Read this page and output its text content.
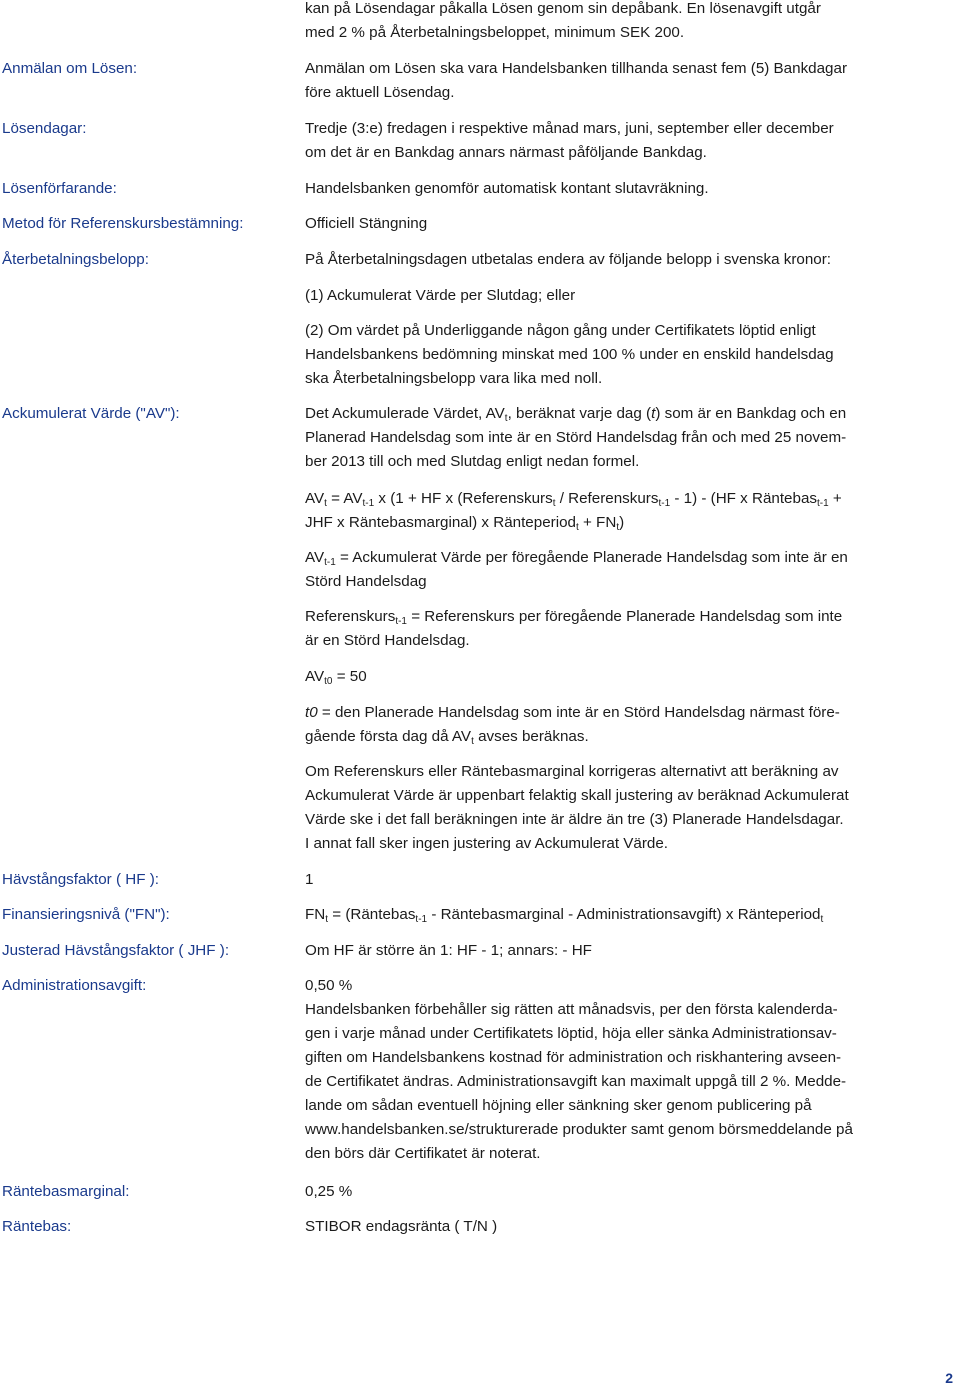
kan på Lösendagar påkalla Lösen genom sin depåbank. En lösenavgift utgår

med 2 % på Återbetalningsbeloppet, minimum SEK 200.

Anmälan om Lösen:	Anmälan om Lösen ska vara Handelsbanken tillhanda senast fem (5) Bankdagar

före aktuell Lösendag.

Lösendagar:	Tredje (3:e) fredagen i respektive månad mars, juni, september eller december

om det är en Bankdag annars närmast påföljande Bankdag.

Lösenförfarande:	Handelsbanken genomför automatisk kontant slutavräkning.
Metod för Referenskursbestämning:	Officiell Stängning
Återbetalningsbelopp:	På Återbetalningsdagen utbetalas endera av följande belopp i svenska kronor:
(1) Ackumulerat Värde per Slutdag; eller

(2) Om värdet på Underliggande någon gång under Certifikatets löptid enligt

Handelsbankens bedömning minskat med 100 % under en enskild handelsdag

ska Återbetalningsbelopp vara lika med noll.

Ackumulerat Värde ("AV"):	Det Ackumulerade Värdet, $AV_t$, beräknat varje dag (t) som är en Bankdag och en

Planerad Handelsdag som inte är en Störd Handelsdag från och med 25 novem-

ber 2013 till och med Slutdag enligt nedan formel.

$AV_t = AV_{t-1}$ x (1 + HF x (Referenskurs$_t$ / Referenskurs$_{t-1}$ - 1) - (HF x Räntebas$_{t-1}$ +

JHF x Räntebasmarginal) x Ränteperiod$_t$ + $FN_t$)

$AV_{t-1}$ = Ackumulerat Värde per föregående Planerade Handelsdag som inte är en

Störd Handelsdag

Referenskurs$_{t-1}$ = Referenskurs per föregående Planerade Handelsdag som inte

är en Störd Handelsdag.

$AV_{t0} = 50$

t0 = den Planerade Handelsdag som inte är en Störd Handelsdag närmast före-

gående första dag då $AV_t$ avses beräknas.

Om Referenskurs eller Räntebasmarginal korrigeras alternativt att beräkning av

Ackumulerat Värde är uppenbart felaktig skall justering av beräknad Ackumulerat

Värde ske i det fall beräkningen inte är äldre än tre (3) Planerade Handelsdagar.

I annat fall sker ingen justering av Ackumulerat Värde.

Hävstångsfaktor ( HF ):	1
Finansieringsnivå ("FN"):	$FN_t$ = (Räntebas$_{t-1}$ - Räntebasmarginal - Administrationsavgift) x Ränteperiod$_t$

Justerad Hävstångsfaktor ( JHF ):	Om HF är större än 1: HF - 1; annars: - HF
Administrationsavgift:	0,50 %

Handelsbanken förbehåller sig rätten att månadsvis, per den första kalenderda-

gen i varje månad under Certifikatets löptid, höja eller sänka Administrationsav-

giften om Handelsbankens kostnad för administration och riskhantering avseen-

de Certifikatet ändras. Administrationsavgift kan maximalt uppgå till 2 %. Medde-

lande om sådan eventuell höjning eller sänkning sker genom publicering på

www.handelsbanken.se/strukturerade produkter samt genom börsmeddelande på

den börs där Certifikatet är noterat.

Räntebasmarginal:	0,25 %
Räntebas:	STIBOR endagsränta ( T/N )
2
